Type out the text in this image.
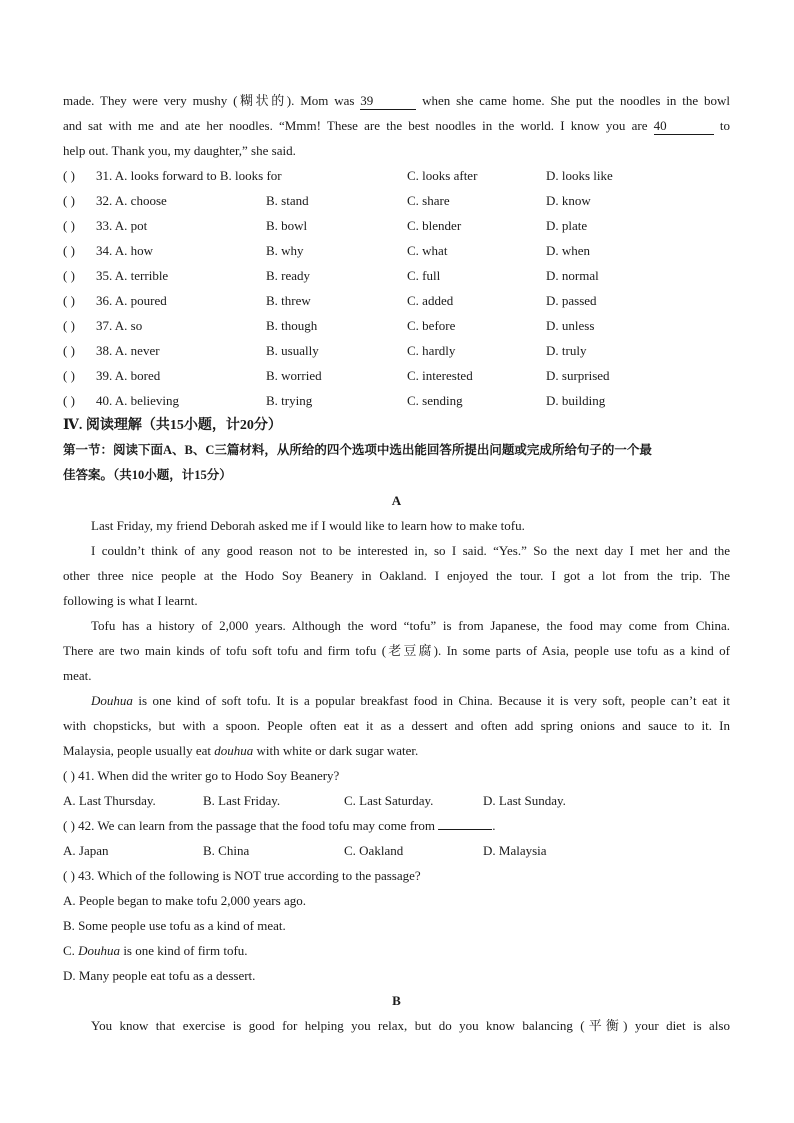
made. They were very mushy (糊状的). Mom was 39	when she came home. She put the noodles in the bowl
and sat with me and ate her noodles. “Mmm! These are the best noodles in the world. I know you are 40	to
help out. Thank you, my daughter,” she said.
( ) 31. A. looks forward to B. looks for	C. looks after	D. looks like
( ) 32. A. choose	B. stand	C. share	D. know
( ) 33. A. pot	B. bowl	C. blender	D. plate
( ) 34. A. how	B. why	C. what	D. when
( ) 35. A. terrible	B. ready	C. full	D. normal
( ) 36. A. poured	B. threw	C. added	D. passed
( ) 37. A. so	B. though	C. before	D. unless
( ) 38. A. never	B. usually	C. hardly	D. truly
( ) 39. A. bored	B. worried	C. interested	D. surprised
( ) 40. A. believing	B. trying	C. sending	D. building
Ⅳ. 阅读理解（共15小题，计20分）
第一节：阅读下面A、B、C三篇材料，从所给的四个选项中选出能回答所提出问题或完成所给句子的一个最
佳答案。（共10小题，计15分）
A
Last Friday, my friend Deborah asked me if I would like to learn how to make tofu.
I couldn’t think of any good reason not to be interested in, so I said. “Yes.” So the next day I met her and the
other three nice people at the Hodo Soy Beanery in Oakland. I enjoyed the tour. I got a lot from the trip. The
following is what I learnt.
Tofu has a history of 2,000 years. Although the word “tofu” is from Japanese, the food may come from China.
There are two main kinds of tofu soft tofu and firm tofu (老豆腐). In some parts of Asia, people use tofu as a kind of
meat.
Douhua is one kind of soft tofu. It is a popular breakfast food in China. Because it is very soft, people can’t eat it
with chopsticks, but with a spoon. People often eat it as a dessert and often add spring onions and sauce to it. In
Malaysia, people usually eat douhua with white or dark sugar water.
( ) 41. When did the writer go to Hodo Soy Beanery?
A. Last Thursday.	B. Last Friday.	C. Last Saturday.	D. Last Sunday.
( ) 42. We can learn from the passage that the food tofu may come from	.
A. Japan	B. China	C. Oakland	D. Malaysia
( ) 43. Which of the following is NOT true according to the passage?
A. People began to make tofu 2,000 years ago.
B. Some people use tofu as a kind of meat.
C. Douhua is one kind of firm tofu.
D. Many people eat tofu as a dessert.
B
You know that exercise is good for helping you relax, but do you know balancing (平衡) your diet is also
